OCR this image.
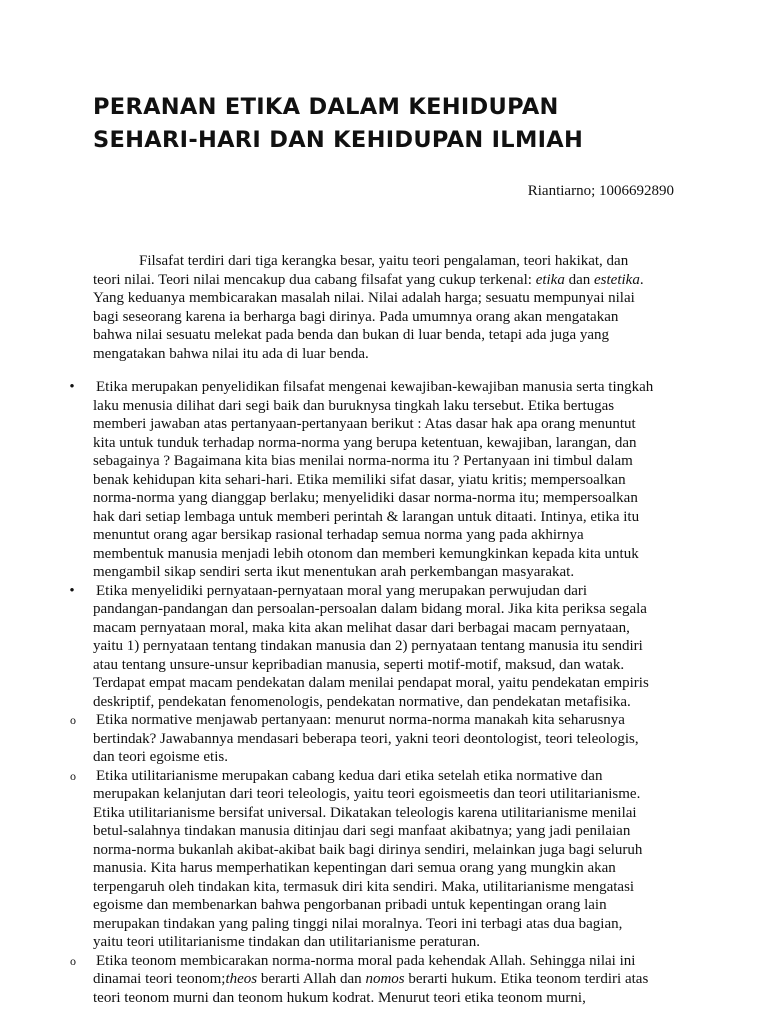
PERANAN ETIKA DALAM KEHIDUPAN
SEHARI-HARI DAN KEHIDUPAN ILMIAH
Riantiarno; 1006692890

Filsafat terdiri dari tiga kerangka besar, yaitu teori pengalaman, teori hakikat, dan
teori nilai. Teori nilai mencakup dua cabang filsafat yang cukup terkenal: etika dan estetika.
Yang keduanya membicarakan masalah nilai. Nilai adalah harga; sesuatu mempunyai nilai
bagi seseorang karena ia berharga bagi dirinya. Pada umumnya orang akan mengatakan
bahwa nilai sesuatu melekat pada benda dan bukan di luar benda, tetapi ada juga yang
mengatakan bahwa nilai itu ada di luar benda.

• Etika merupakan penyelidikan filsafat mengenai kewajiban-kewajiban manusia serta tingkah
laku menusia dilihat dari segi baik dan buruknysa tingkah laku tersebut. Etika bertugas
memberi jawaban atas pertanyaan-pertanyaan berikut : Atas dasar hak apa orang menuntut
kita untuk tunduk terhadap norma-norma yang berupa ketentuan, kewajiban, larangan, dan
sebagainya ? Bagaimana kita bias menilai norma-norma itu ? Pertanyaan ini timbul dalam
benak kehidupan kita sehari-hari. Etika memiliki sifat dasar, yiatu kritis; mempersoalkan
norma-norma yang dianggap berlaku; menyelidiki dasar norma-norma itu; mempersoalkan
hak dari setiap lembaga untuk memberi perintah & larangan untuk ditaati. Intinya, etika itu
menuntut orang agar bersikap rasional terhadap semua norma yang pada akhirnya
membentuk manusia menjadi lebih otonom dan memberi kemungkinkan kepada kita untuk
mengambil sikap sendiri serta ikut menentukan arah perkembangan masyarakat.
• Etika menyelidiki pernyataan-pernyataan moral yang merupakan perwujudan dari
pandangan-pandangan dan persoalan-persoalan dalam bidang moral. Jika kita periksa segala
macam pernyataan moral, maka kita akan melihat dasar dari berbagai macam pernyataan,
yaitu 1) pernyataan tentang tindakan manusia dan 2) pernyataan tentang manusia itu sendiri
atau tentang unsure-unsur kepribadian manusia, seperti motif-motif, maksud, dan watak.
Terdapat empat macam pendekatan dalam menilai pendapat moral, yaitu pendekatan empiris
deskriptif, pendekatan fenomenologis, pendekatan normative, dan pendekatan metafisika.
o Etika normative menjawab pertanyaan: menurut norma-norma manakah kita seharusnya
bertindak? Jawabannya mendasari beberapa teori, yakni teori deontologist, teori teleologis,
dan teori egoisme etis.
o Etika utilitarianisme merupakan cabang kedua dari etika setelah etika normative dan
merupakan kelanjutan dari teori teleologis, yaitu teori egoismeetis dan teori utilitarianisme.
Etika utilitarianisme bersifat universal. Dikatakan teleologis karena utilitarianisme menilai
betul-salahnya tindakan manusia ditinjau dari segi manfaat akibatnya; yang jadi penilaian
norma-norma bukanlah akibat-akibat baik bagi dirinya sendiri, melainkan juga bagi seluruh
manusia. Kita harus memperhatikan kepentingan dari semua orang yang mungkin akan
terpengaruh oleh tindakan kita, termasuk diri kita sendiri. Maka, utilitarianisme mengatasi
egoisme dan membenarkan bahwa pengorbanan pribadi untuk kepentingan orang lain
merupakan tindakan yang paling tinggi nilai moralnya. Teori ini terbagi atas dua bagian,
yaitu teori utilitarianisme tindakan dan utilitarianisme peraturan.
o Etika teonom membicarakan norma-norma moral pada kehendak Allah. Sehingga nilai ini
dinamai teori teonom;theos berarti Allah dan nomos berarti hukum. Etika teonom terdiri atas
teori teonom murni dan teonom hukum kodrat. Menurut teori etika teonom murni,
